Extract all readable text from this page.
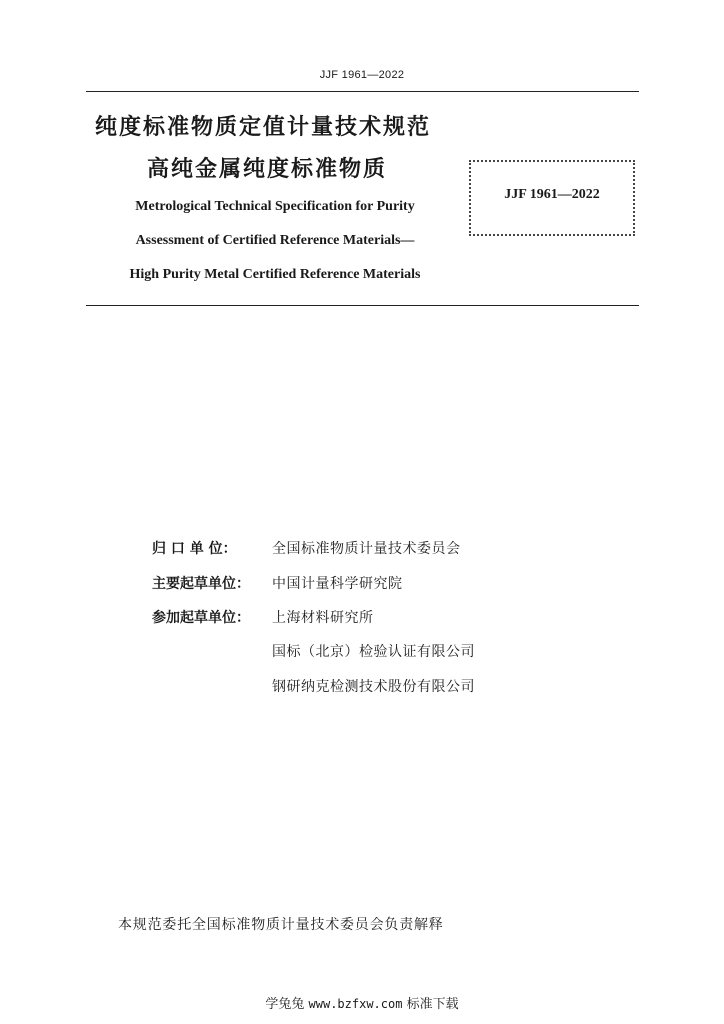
JJF 1961—2022
纯度标准物质定值计量技术规范
高纯金属纯度标准物质
Metrological Technical Specification for Purity
Assessment of Certified Reference Materials—
High Purity Metal Certified Reference Materials
JJF 1961—2022
归 口 单 位：	全国标准物质计量技术委员会
主要起草单位： 中国计量科学研究院
参加起草单位： 上海材料研究所
国标（北京）检验认证有限公司
钢研纳克检测技术股份有限公司
本规范委托全国标准物质计量技术委员会负责解释
学兔兔 www.bzfxw.com 标准下载
